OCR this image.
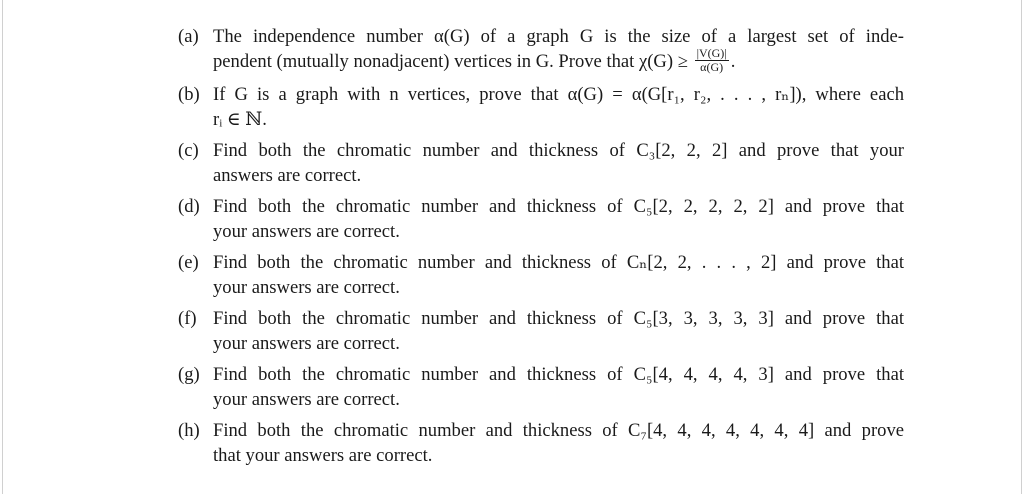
(a) The independence number α(G) of a graph G is the size of a largest set of inde-
pendent (mutually nonadjacent) vertices in G. Prove that $\chi(G) \ge \frac{|V(G)|}{\alpha(G)}$ .
(b) If G is a graph with n vertices, prove that α(G) = α(G[r₁, r₂, . . . , rₙ]), where each
rᵢ ∈ ℕ.
(c) Find both the chromatic number and thickness of C₃[2, 2, 2] and prove that your
answers are correct.
(d) Find both the chromatic number and thickness of C₅[2, 2, 2, 2, 2] and prove that
your answers are correct.
(e) Find both the chromatic number and thickness of Cₙ[2, 2, . . . , 2] and prove that
your answers are correct.
(f) Find both the chromatic number and thickness of C₅[3, 3, 3, 3, 3] and prove that
your answers are correct.
(g) Find both the chromatic number and thickness of C₅[4, 4, 4, 4, 3] and prove that
your answers are correct.
(h) Find both the chromatic number and thickness of C₇[4, 4, 4, 4, 4, 4, 4] and prove
that your answers are correct.
